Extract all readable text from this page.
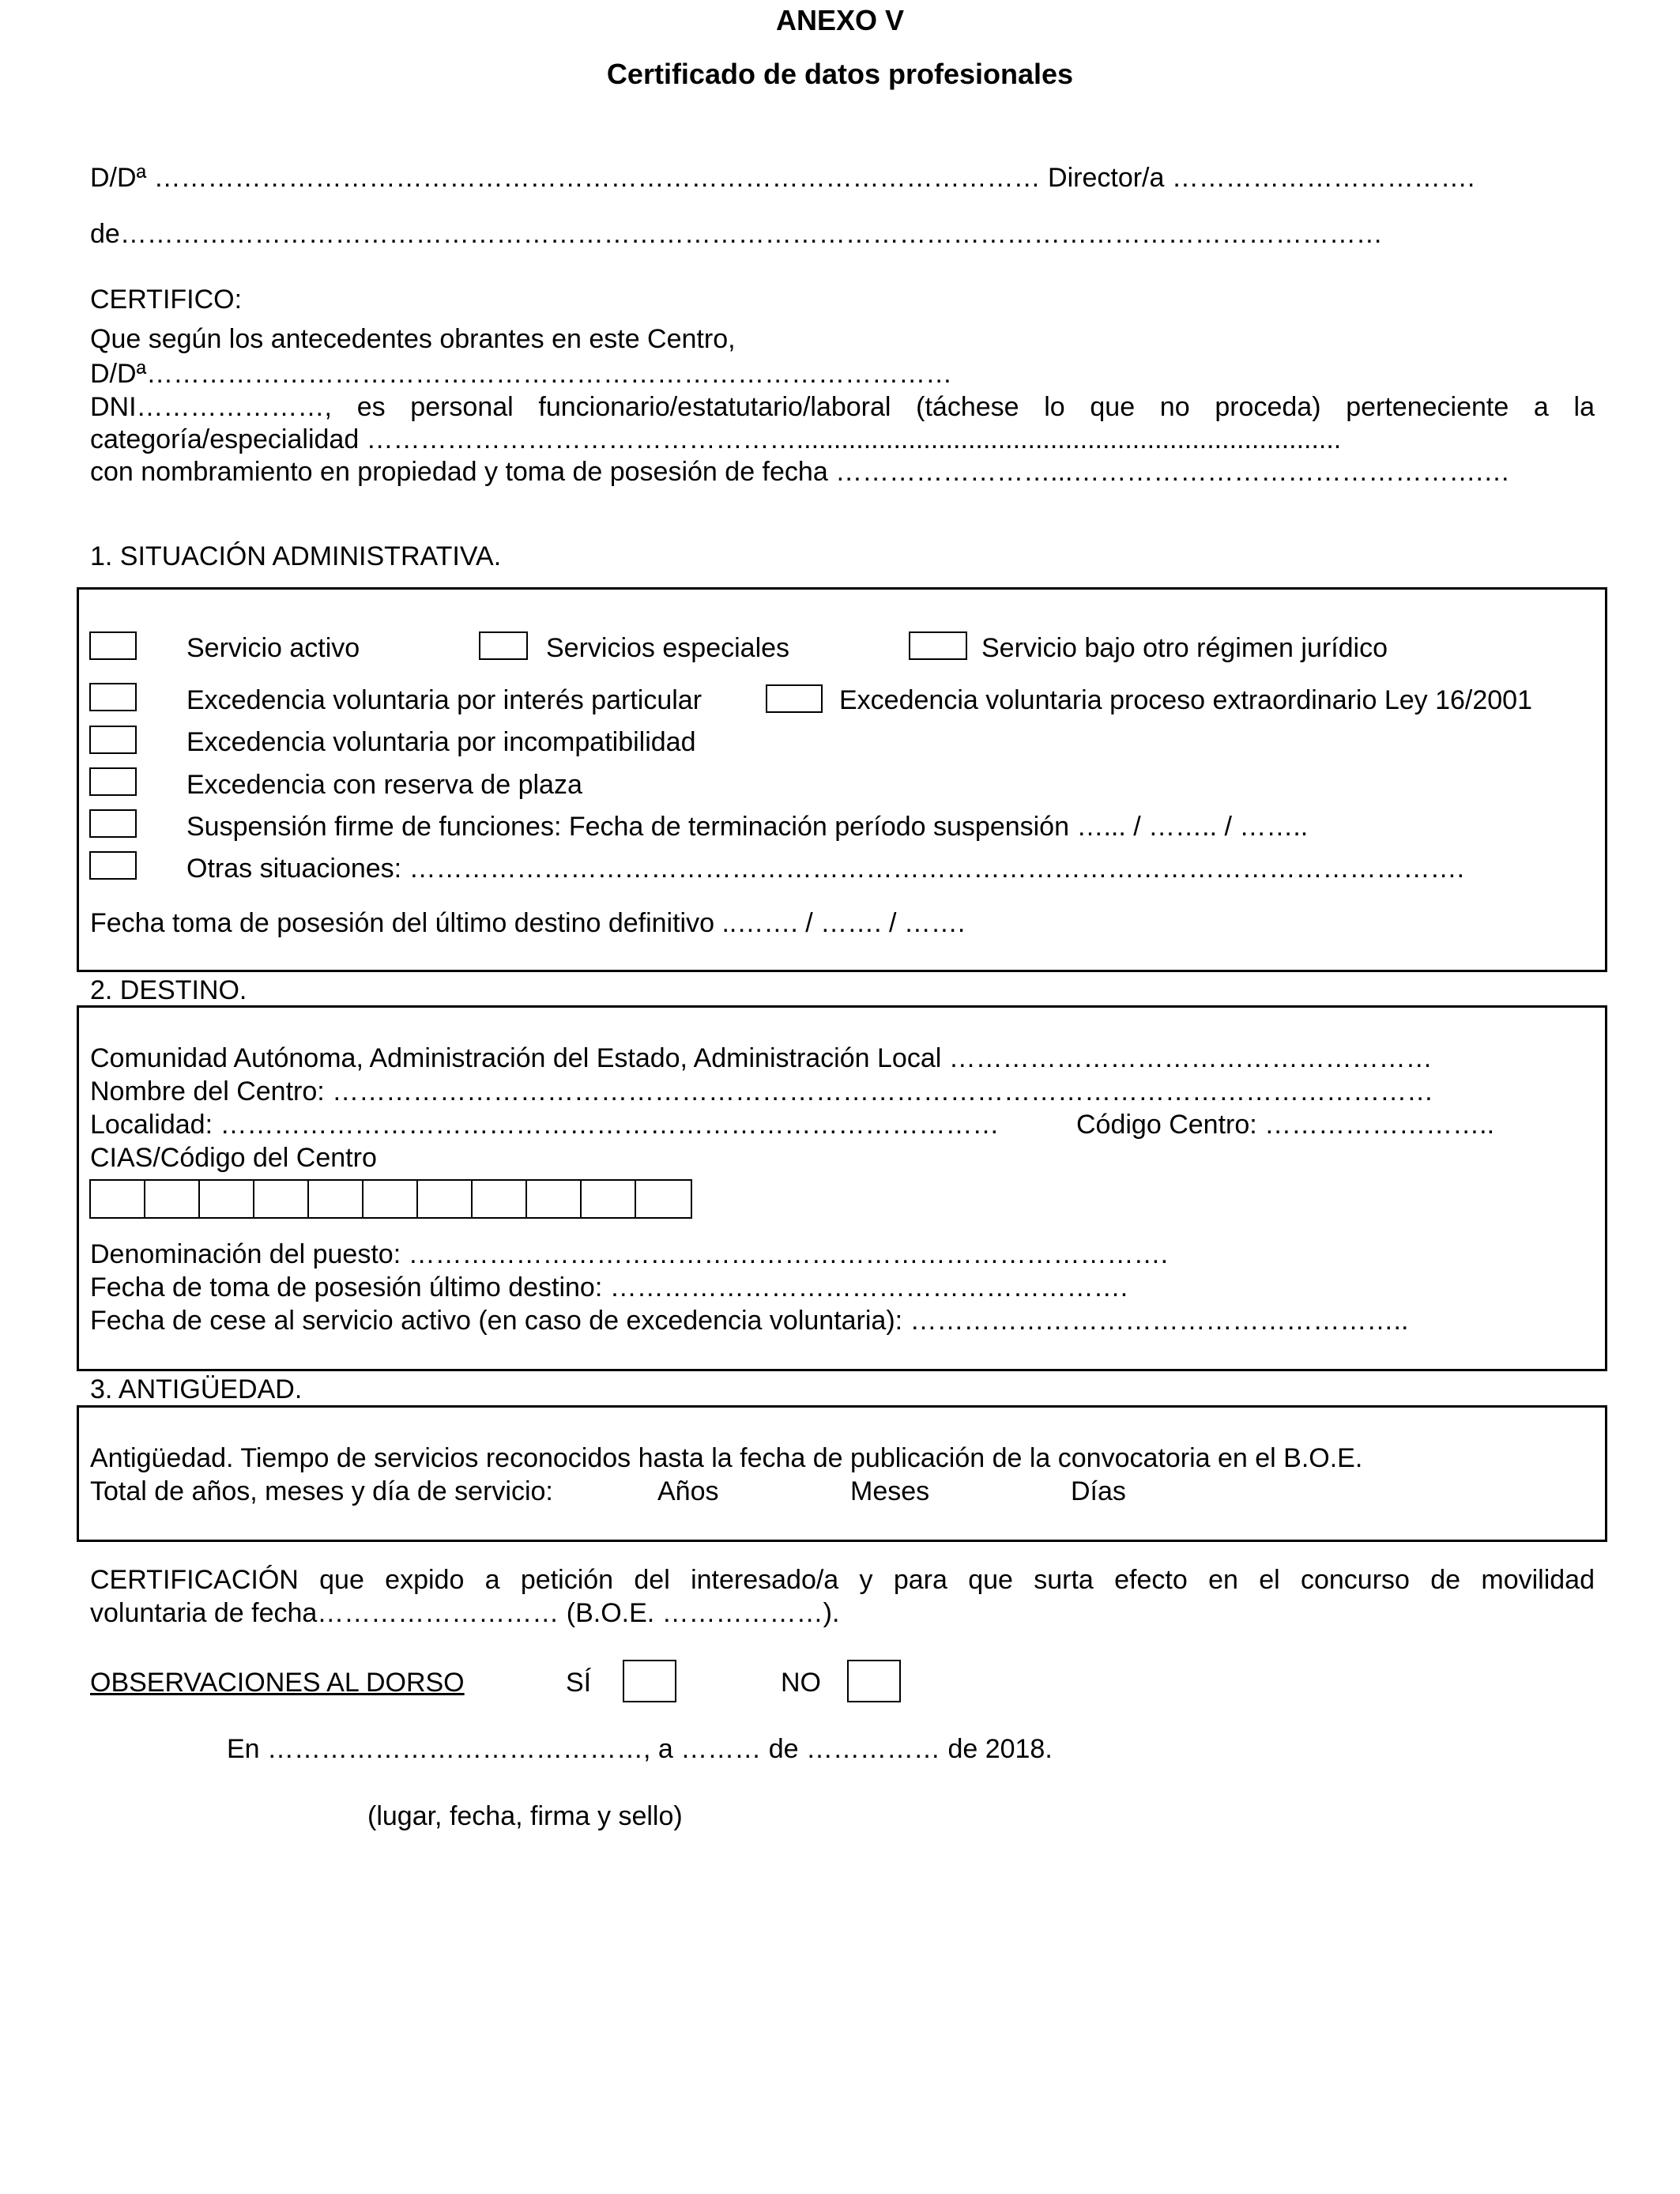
ANEXO V
Certificado de datos profesionales
D/Dª ……………………………………………………………………………………… Director/a …………………………….
de……………………………………………………………………………………………………………………………
CERTIFICO:
Que según los antecedentes obrantes en este Centro,
D/Dª………………………………………………………………………………
DNI…………………, es personal funcionario/estatutario/laboral (táchese lo que no proceda) perteneciente a la
categoría/especialidad ………………………………………….........................................................................
con nombramiento en propiedad y toma de posesión de fecha ……………………...……………………………………….…
1. SITUACIÓN ADMINISTRATIVA.
Servicio activo	Servicios especiales	Servicio bajo otro régimen jurídico
Excedencia voluntaria por interés particular	Excedencia voluntaria proceso extraordinario Ley 16/2001
Excedencia voluntaria por incompatibilidad
Excedencia con reserva de plaza
Suspensión firme de funciones: Fecha de terminación período suspensión …... / …….. / ……..
Otras situaciones: ……………………………………………………………………………………………………….
Fecha toma de posesión del último destino definitivo ..……. / ……. / …….
2. DESTINO.
Comunidad Autónoma, Administración del Estado, Administración Local ………………………………………………
Nombre del Centro: ……………………………………………………………………………………………………………
Localidad: ……………………………………………………………………………	Código Centro: ……………………..
CIAS/Código del Centro
Denominación del puesto: ………………………………………………………………………….
Fecha de toma de posesión último destino: ………………………………………………….
Fecha de cese al servicio activo (en caso de excedencia voluntaria): ………………………………………………..
3. ANTIGÜEDAD.
Antigüedad. Tiempo de servicios reconocidos hasta la fecha de publicación de la convocatoria en el B.O.E.
Total de años, meses y día de servicio:	Años	Meses	Días
CERTIFICACIÓN que expido a petición del interesado/a y para que surta efecto en el concurso de movilidad
voluntaria de fecha……………………… (B.O.E. ………………).
OBSERVACIONES AL DORSO	SÍ	NO
En ……………………………………, a ……… de …………… de 2018.
(lugar, fecha, firma y sello)
